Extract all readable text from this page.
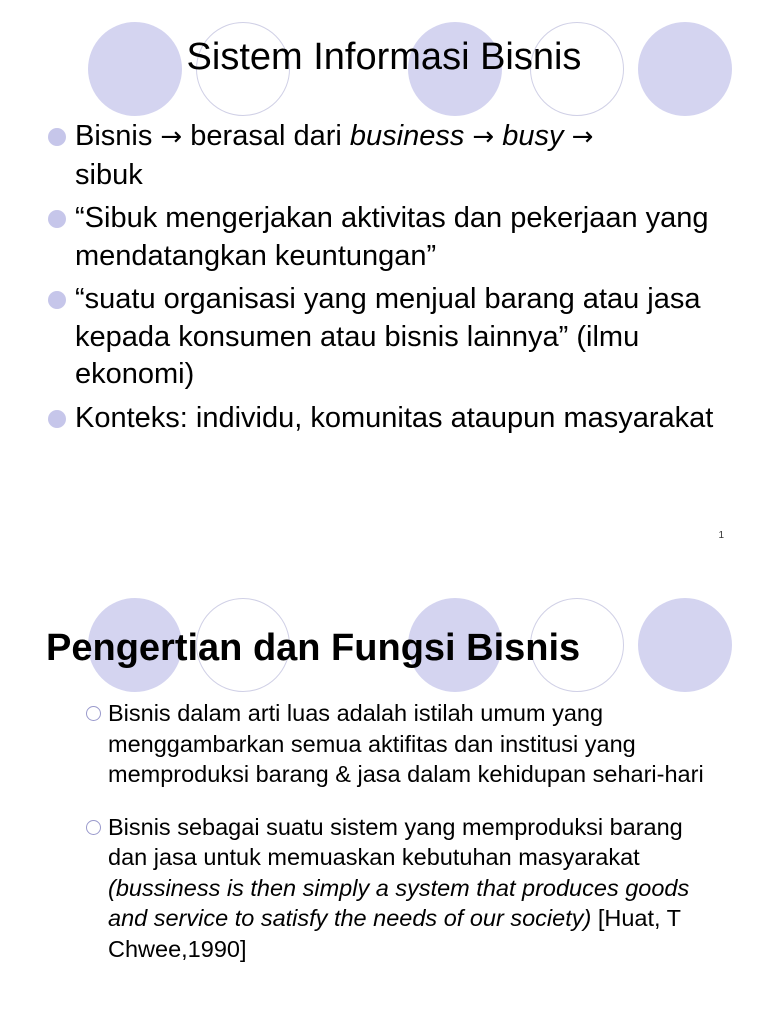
Sistem Informasi Bisnis
Bisnis → berasal dari business → busy →
sibuk
“Sibuk mengerjakan aktivitas dan pekerjaan yang mendatangkan keuntungan”
“suatu organisasi yang menjual barang atau jasa kepada konsumen atau bisnis lainnya” (ilmu ekonomi)
Konteks: individu, komunitas ataupun masyarakat
1
Pengertian dan Fungsi Bisnis
Bisnis dalam arti luas adalah istilah umum yang menggambarkan semua aktifitas dan institusi yang memproduksi barang & jasa dalam kehidupan sehari-hari
Bisnis sebagai suatu sistem yang memproduksi barang dan jasa untuk memuaskan kebutuhan masyarakat (bussiness is then simply a system that produces goods and service to satisfy the needs of our society) [Huat, T Chwee,1990]
